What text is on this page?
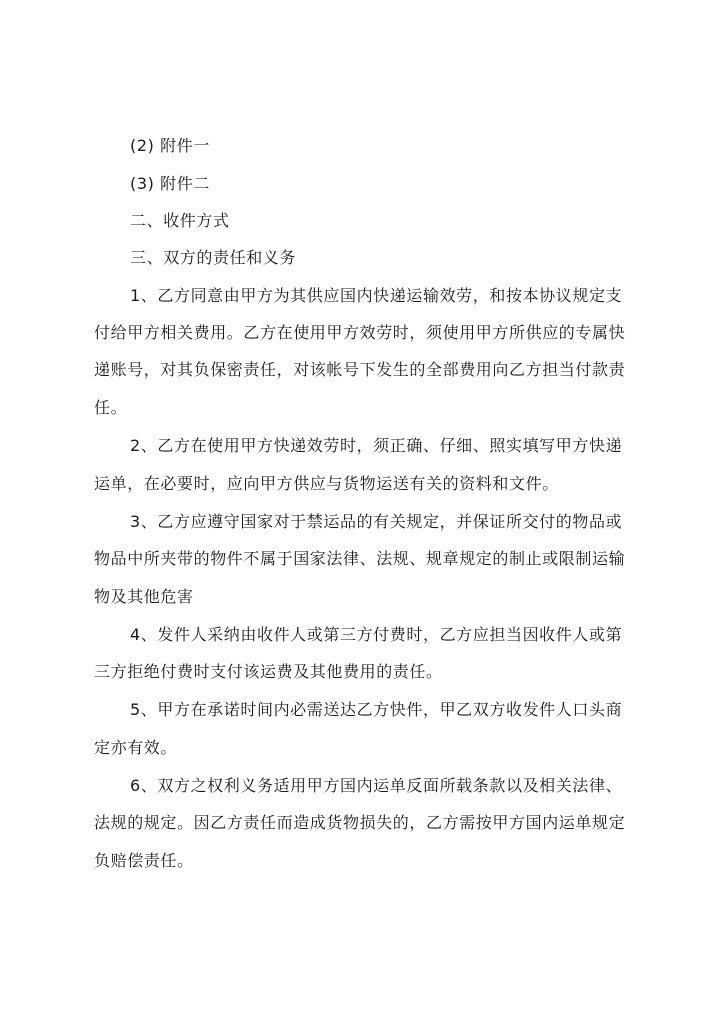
(2) 附件一
(3) 附件二
二、收件方式
三、双方的责任和义务
1、乙方同意由甲方为其供应国内快递运输效劳，和按本协议规定支
付给甲方相关费用。乙方在使用甲方效劳时，须使用甲方所供应的专属快
递账号，对其负保密责任，对该帐号下发生的全部费用向乙方担当付款责
任。
2、乙方在使用甲方快递效劳时，须正确、仔细、照实填写甲方快递
运单，在必要时，应向甲方供应与货物运送有关的资料和文件。
3、乙方应遵守国家对于禁运品的有关规定，并保证所交付的物品或
物品中所夹带的物件不属于国家法律、法规、规章规定的制止或限制运输
物及其他危害
4、发件人采纳由收件人或第三方付费时，乙方应担当因收件人或第
三方拒绝付费时支付该运费及其他费用的责任。
5、甲方在承诺时间内必需送达乙方快件，甲乙双方收发件人口头商
定亦有效。
6、双方之权利义务适用甲方国内运单反面所载条款以及相关法律、
法规的规定。因乙方责任而造成货物损失的，乙方需按甲方国内运单规定
负赔偿责任。
